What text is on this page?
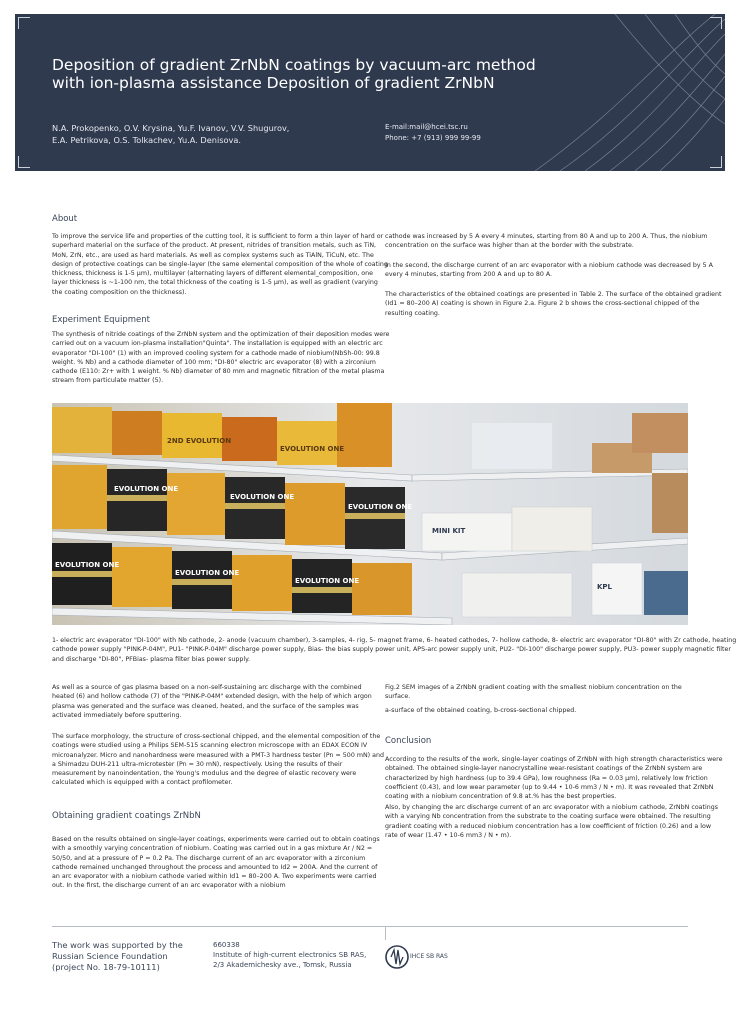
Deposition of gradient ZrNbN coatings by vacuum-arc method with ion-plasma assistance Deposition of gradient ZrNbN
N.A. Prokopenko, O.V. Krysina, Yu.F. Ivanov, V.V. Shugurov,
E.A. Petrikova, O.S. Tolkachev, Yu.A. Denisova.
E-mail:mail@hcei.tsc.ru
Phone: +7 (913) 999 99-99
About
To improve the service life and properties of the cutting tool, it is sufficient to form a thin layer of hard or superhard material on the surface of the product. At present, nitrides of transition metals, such as TiN, MoN, ZrN, etc., are used as hard materials. As well as complex systems such as TiAlN, TiCuN, etc. The design of protective coatings can be single-layer (the same elemental composition of the whole of coating thickness, thickness is 1-5 μm), multilayer (alternating layers of different elemental_composition, one layer thickness is ~1-100 nm, the total thickness of the coating is 1-5 μm), as well as gradient (varying the coating composition on the thickness).
cathode was increased by 5 A every 4 minutes, starting from 80 A and up to 200 A. Thus, the niobium concentration on the surface was higher than at the border with the substrate.
In the second, the discharge current of an arc evaporator with a niobium cathode was decreased by 5 A every 4 minutes, starting from 200 A and up to 80 A.
The characteristics of the obtained coatings are presented in Table 2. The surface of the obtained gradient (Id1 = 80–200 A) coating is shown in Figure 2.a. Figure 2 b shows the cross-sectional chipped of the resulting coating.
Experiment Equipment
The synthesis of nitride coatings of the ZrNbN system and the optimization of their deposition modes were carried out on a vacuum ion-plasma installation"Quinta". The installation is equipped with an electric arc evaporator "DI-100" (1) with an improved cooling system for a cathode made of niobium(NbSh-00: 99.8 weight. % Nb) and a cathode diameter of 100 mm; "DI-80" electric arc evaporator (8) with a zirconium cathode (E110: Zr+ with 1 weight. % Nb) diameter of 80 mm and magnetic filtration of the metal plasma stream from particulate matter (5).
EVOLUTION ONE
EVOLUTION ONE
EVOLUTION ONE
EVOLUTION ONE
EVOLUTION ONE
EVOLUTION ONE
2ND EVOLUTION
EVOLUTION ONE
KPL
MINI KIT
1- electric arc evaporator "DI-100" with Nb cathode, 2- anode (vacuum chamber), 3-samples, 4- rig, 5- magnet frame, 6- heated cathodes, 7- hollow cathode, 8- electric arc evaporator "DI-80" with Zr cathode, heating cathode power supply "PINK-P-04M", PU1- "PINK-P-04M" discharge power supply, Bias- the bias supply power unit, APS-arc power supply unit, PU2- "DI-100" discharge power supply, PU3- power supply magnetic filter and discharge "DI-80", PFBias- plasma filter bias power supply.
As well as a source of gas plasma based on a non-self-sustaining arc discharge with the combined heated (6) and hollow cathode (7) of the "PINK-P-04M" extended design, with the help of which argon plasma was generated and the surface was cleaned, heated, and the surface of the samples was activated immediately before sputtering.
The surface morphology, the structure of cross-sectional chipped, and the elemental composition of the coatings were studied using a Philips SEM-515 scanning electron microscope with an EDAX ECON IV microanalyzer. Micro and nanohardness were measured with a PMT-3 hardness tester (Pn = 500 mN) and a Shimadzu DUH-211 ultra-microtester (Pn = 30 mN), respectively. Using the results of their measurement by nanoindentation, the Young's modulus and the degree of elastic recovery were calculated which is equipped with a contact profilometer.
Obtaining gradient coatings ZrNbN
Based on the results obtained on single-layer coatings, experiments were carried out to obtain coatings with a smoothly varying concentration of niobium. Coating was carried out in a gas mixture Ar / N2 = 50/50, and at a pressure of P = 0.2 Pa. The discharge current of an arc evaporator with a zirconium cathode remained unchanged throughout the process and amounted to Id2 = 200A. And the current of an arc evaporator with a niobium cathode varied within Id1 = 80–200 A. Two experiments were carried out. In the first, the discharge current of an arc evaporator with a niobium
Fig.2 SEM images of a ZrNbN gradient coating with the smallest niobium concentration on the surface.
a-surface of the obtained coating, b-cross-sectional chipped.
Conclusion
According to the results of the work, single-layer coatings of ZrNbN with high strength characteristics were obtained. The obtained single-layer nanocrystalline wear-resistant coatings of the ZrNbN system are characterized by high hardness (up to 39.4 GPa), low roughness (Ra = 0.03 μm), relatively low friction coefficient (0.43), and low wear parameter (up to 9.44 • 10-6 mm3 / N • m). It was revealed that ZrNbN coating with a niobium concentration of 9.8 at.% has the best properties.
Also, by changing the arc discharge current of an arc evaporator with a niobium cathode, ZrNbN coatings with a varying Nb concentration from the substrate to the coating surface were obtained. The resulting gradient coating with a reduced niobium concentration has a low coefficient of friction (0.26) and a low rate of wear (1.47 • 10-6 mm3 / N • m).
The work was supported by the Russian Science Foundation (project No. 18-79-10111)
660338
Institute of high-current electronics SB RAS, 2/3 Akademichesky ave., Tomsk, Russia
IHCE SB RAS
